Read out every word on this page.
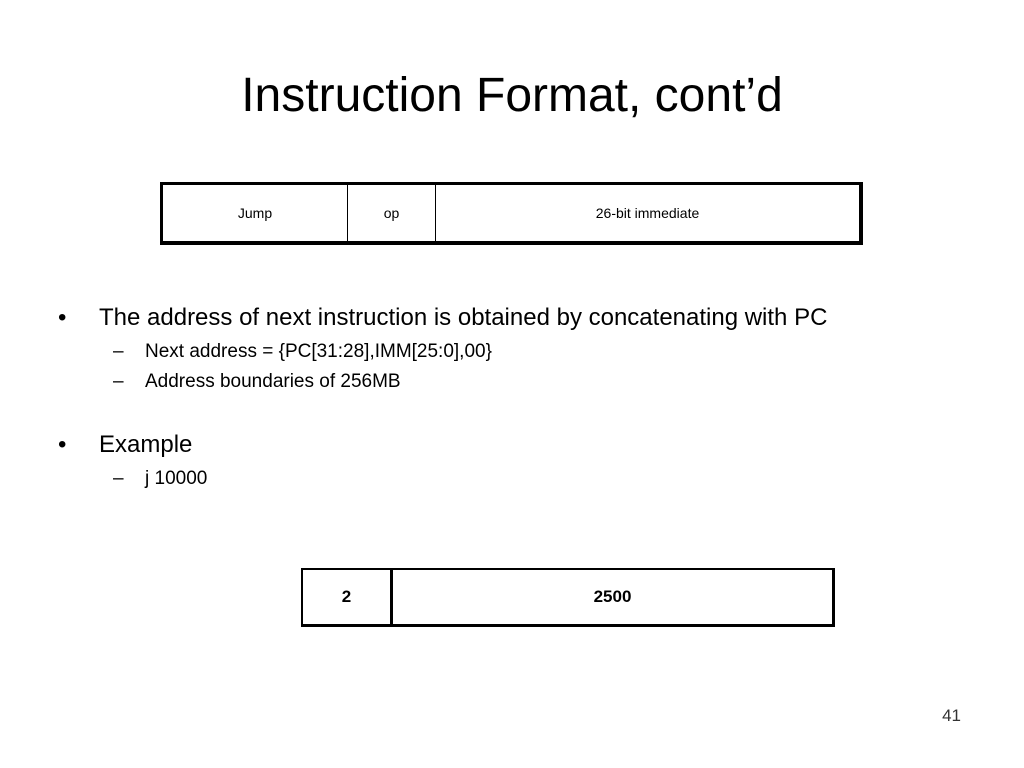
Instruction Format, cont’d
Jump	op	26-bit immediate
• The address of next instruction is obtained by concatenating with PC
– Next address = {PC[31:28],IMM[25:0],00}
– Address boundaries of 256MB
• Example
– j 10000
2	2500
41
